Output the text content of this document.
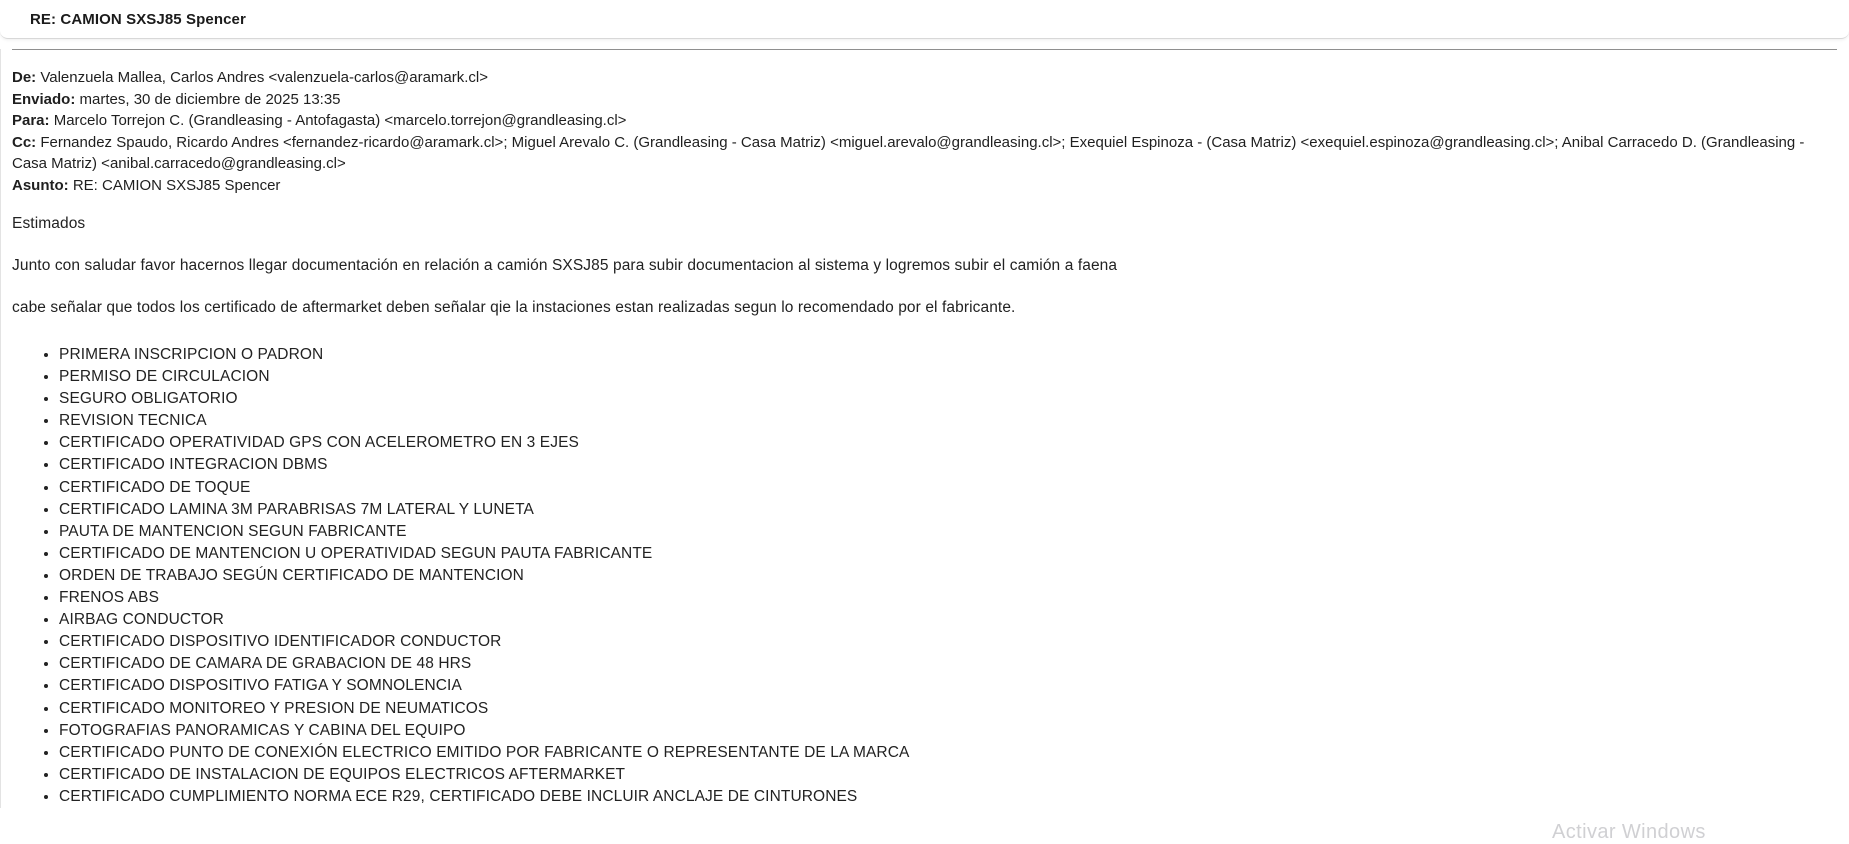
RE: CAMION SXSJ85 Spencer

De: Valenzuela Mallea, Carlos Andres <valenzuela-carlos@aramark.cl>

Enviado: martes, 30 de diciembre de 2025 13:35

Para: Marcelo Torrejon C. (Grandleasing - Antofagasta) <marcelo.torrejon@grandleasing.cl>

Cc: Fernandez Spaudo, Ricardo Andres <fernandez-ricardo@aramark.cl>; Miguel Arevalo C. (Grandleasing - Casa Matriz) <miguel.arevalo@grandleasing.cl>; Exequiel Espinoza - (Casa Matriz) <exequiel.espinoza@grandleasing.cl>; Anibal Carracedo D. (Grandleasing - Casa Matriz) <anibal.carracedo@grandleasing.cl>

Asunto: RE: CAMION SXSJ85 Spencer

Estimados

Junto con saludar favor hacernos llegar documentación en relación a camión SXSJ85 para subir documentacion al sistema y logremos subir el camión a faena

cabe señalar que todos los certificado de aftermarket deben señalar qie la instaciones estan realizadas segun lo recomendado por el fabricante.

• PRIMERA INSCRIPCION O PADRON
• PERMISO DE CIRCULACION
• SEGURO OBLIGATORIO
• REVISION TECNICA
• CERTIFICADO OPERATIVIDAD GPS CON ACELEROMETRO EN 3 EJES
• CERTIFICADO INTEGRACION DBMS
• CERTIFICADO DE TOQUE
• CERTIFICADO LAMINA 3M PARABRISAS 7M LATERAL Y LUNETA
• PAUTA DE MANTENCION SEGUN FABRICANTE
• CERTIFICADO DE MANTENCION U OPERATIVIDAD SEGUN PAUTA FABRICANTE
• ORDEN DE TRABAJO SEGÚN CERTIFICADO DE MANTENCION
• FRENOS ABS
• AIRBAG CONDUCTOR
• CERTIFICADO DISPOSITIVO IDENTIFICADOR CONDUCTOR
• CERTIFICADO DE CAMARA DE GRABACION DE 48 HRS
• CERTIFICADO DISPOSITIVO FATIGA Y SOMNOLENCIA
• CERTIFICADO MONITOREO Y PRESION DE NEUMATICOS
• FOTOGRAFIAS PANORAMICAS Y CABINA DEL EQUIPO
• CERTIFICADO PUNTO DE CONEXIÓN ELECTRICO EMITIDO POR FABRICANTE O REPRESENTANTE DE LA MARCA
• CERTIFICADO DE INSTALACION DE EQUIPOS ELECTRICOS AFTERMARKET
• CERTIFICADO CUMPLIMIENTO NORMA ECE R29, CERTIFICADO DEBE INCLUIR ANCLAJE DE CINTURONES
Activar Windows
